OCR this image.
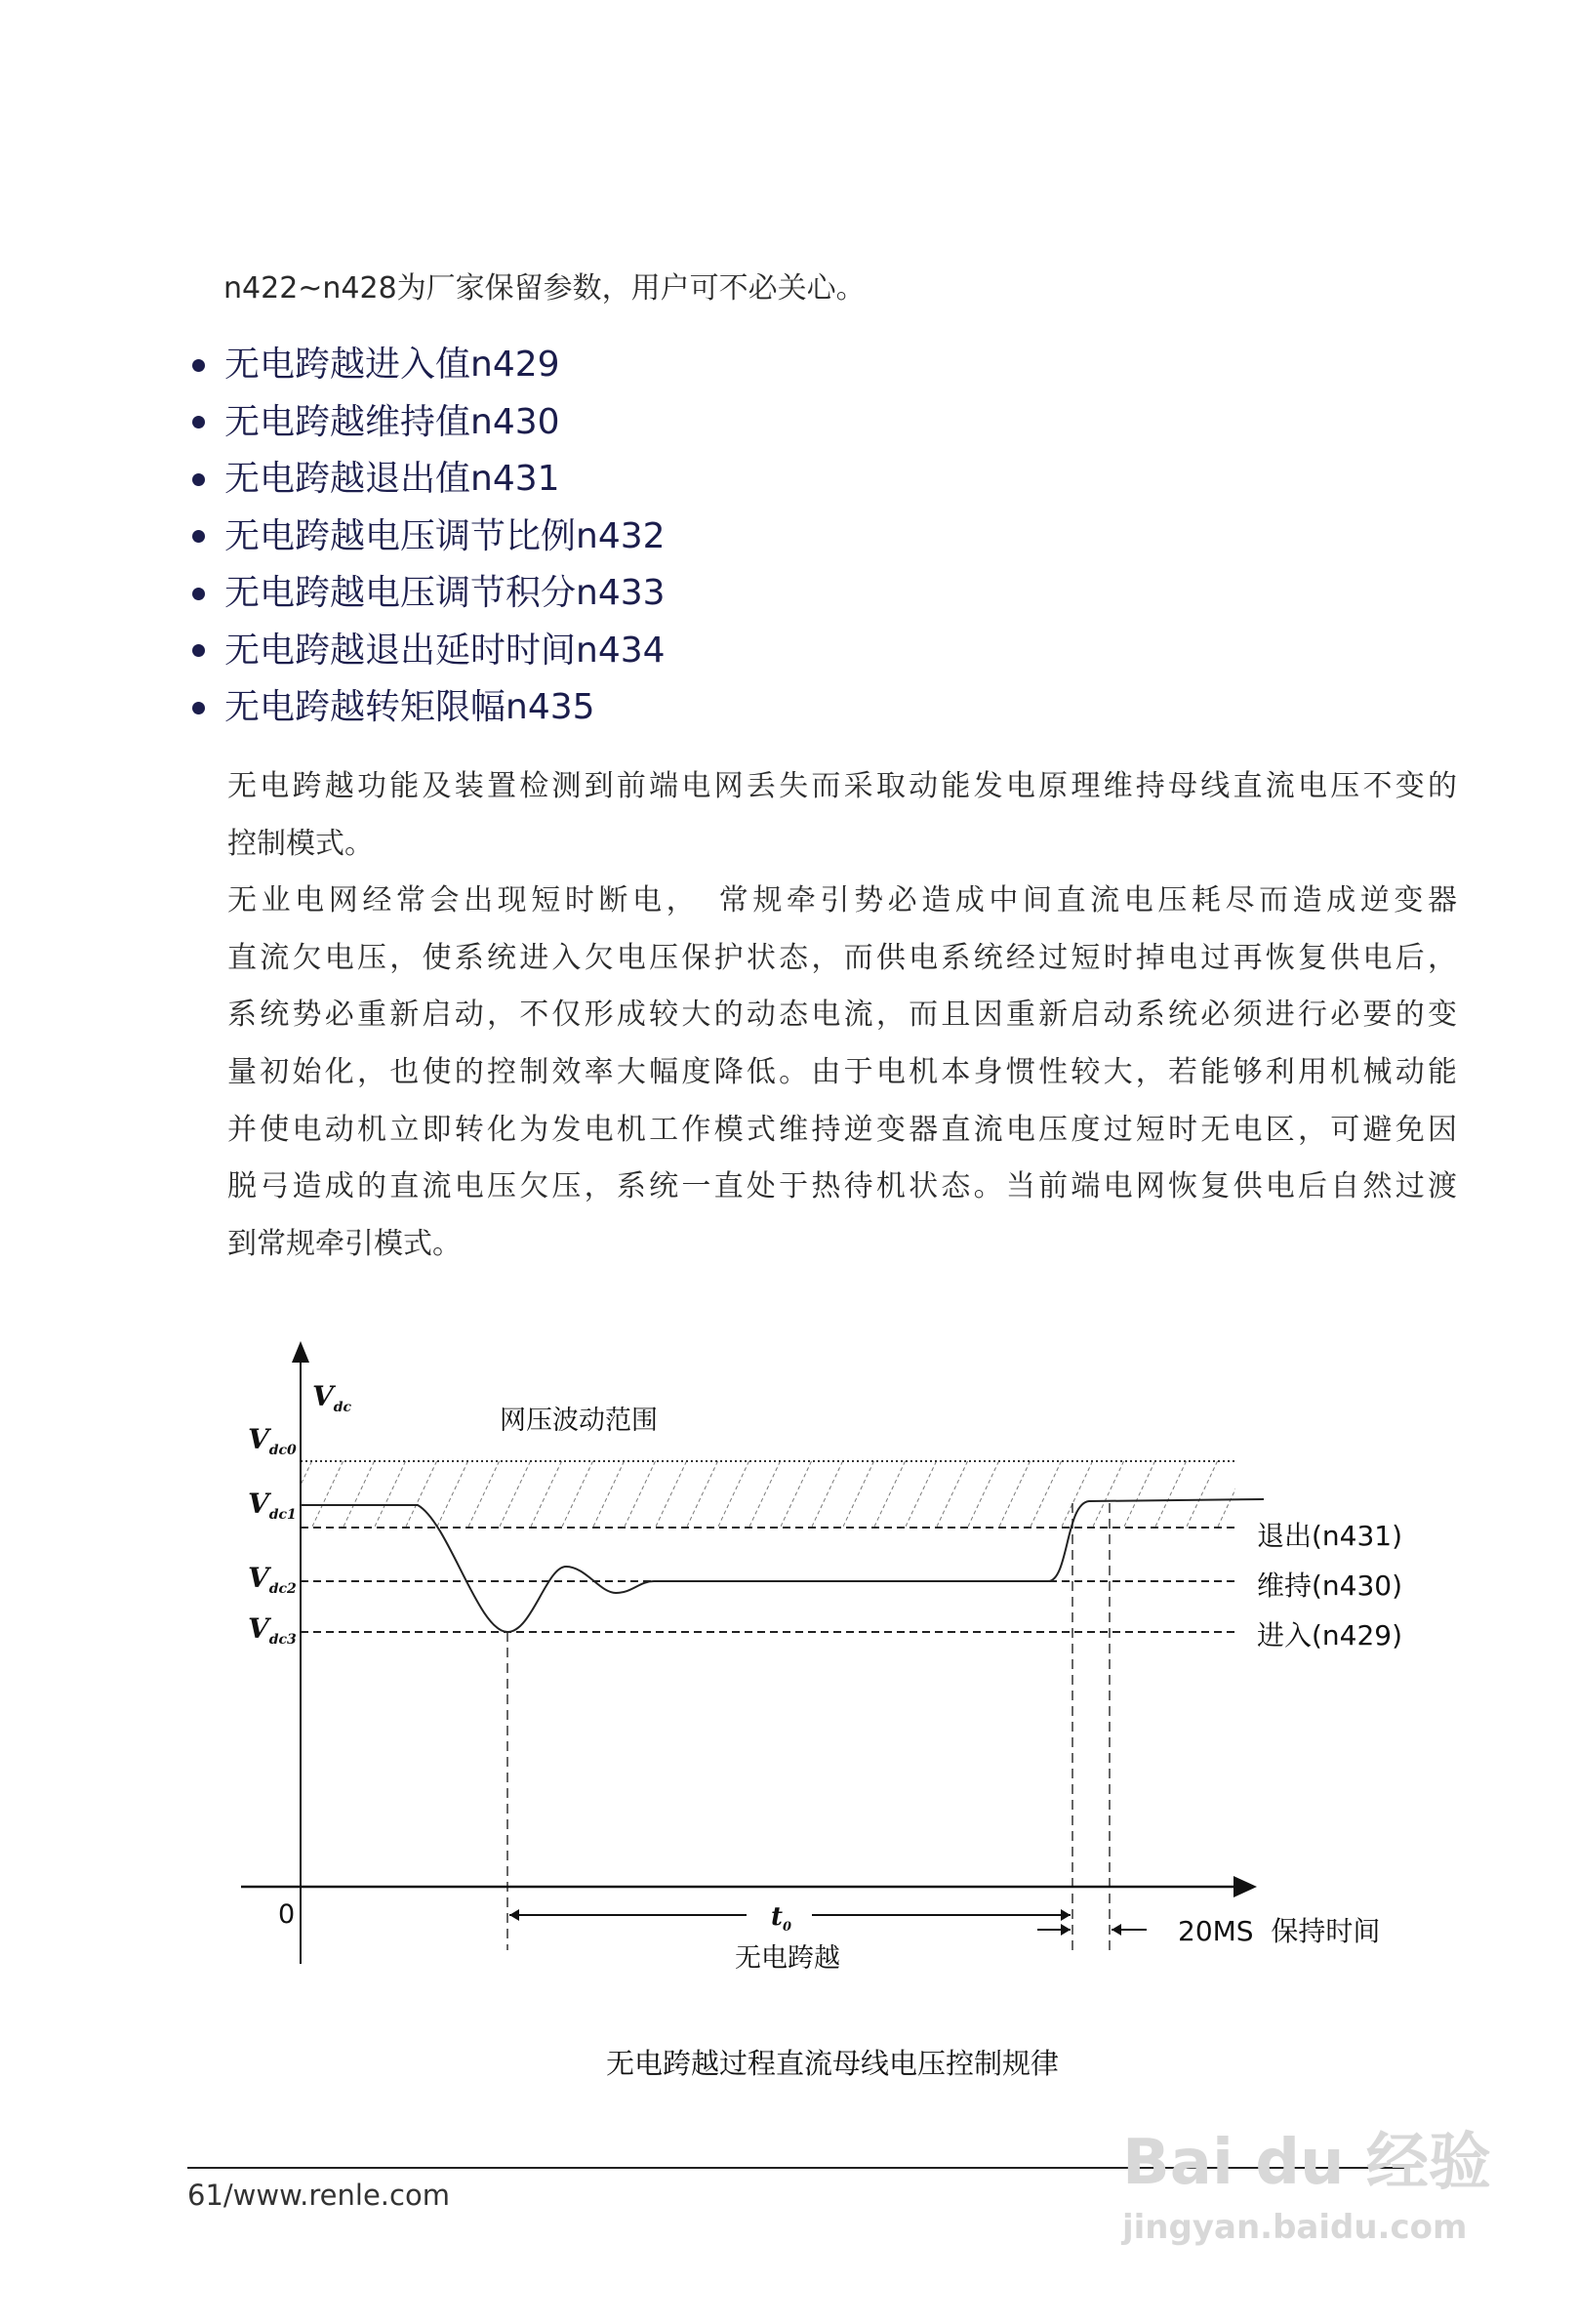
n422~n428为厂家保留参数，用户可不必关心。
无电跨越进入值n429
无电跨越维持值n430
无电跨越退出值n431
无电跨越电压调节比例n432
无电跨越电压调节积分n433
无电跨越退出延时时间n434
无电跨越转矩限幅n435
无电跨越功能及装置检测到前端电网丢失而采取动能发电原理维持母线直流电压不变的
控制模式。
无业电网经常会出现短时断电，　常规牵引势必造成中间直流电压耗尽而造成逆变器
直流欠电压，使系统进入欠电压保护状态，而供电系统经过短时掉电过再恢复供电后，
系统势必重新启动，不仅形成较大的动态电流，而且因重新启动系统必须进行必要的变
量初始化，也使的控制效率大幅度降低。由于电机本身惯性较大，若能够利用机械动能
并使电动机立即转化为发电机工作模式维持逆变器直流电压度过短时无电区，可避免因
脱弓造成的直流电压欠压，系统一直处于热待机状态。当前端电网恢复供电后自然过渡
到常规牵引模式。
$V_{dc}$
$V_{dc0}$
$V_{dc1}$
$V_{dc2}$
$V_{dc3}$
网压波动范围
退出(n431)
维持(n430)
进入(n429)
0	$t_0$
无电跨越
20MS  保持时间
无电跨越过程直流母线电压控制规律
61/www.renle.com	Bai du 经验
jingyan.baidu.com
